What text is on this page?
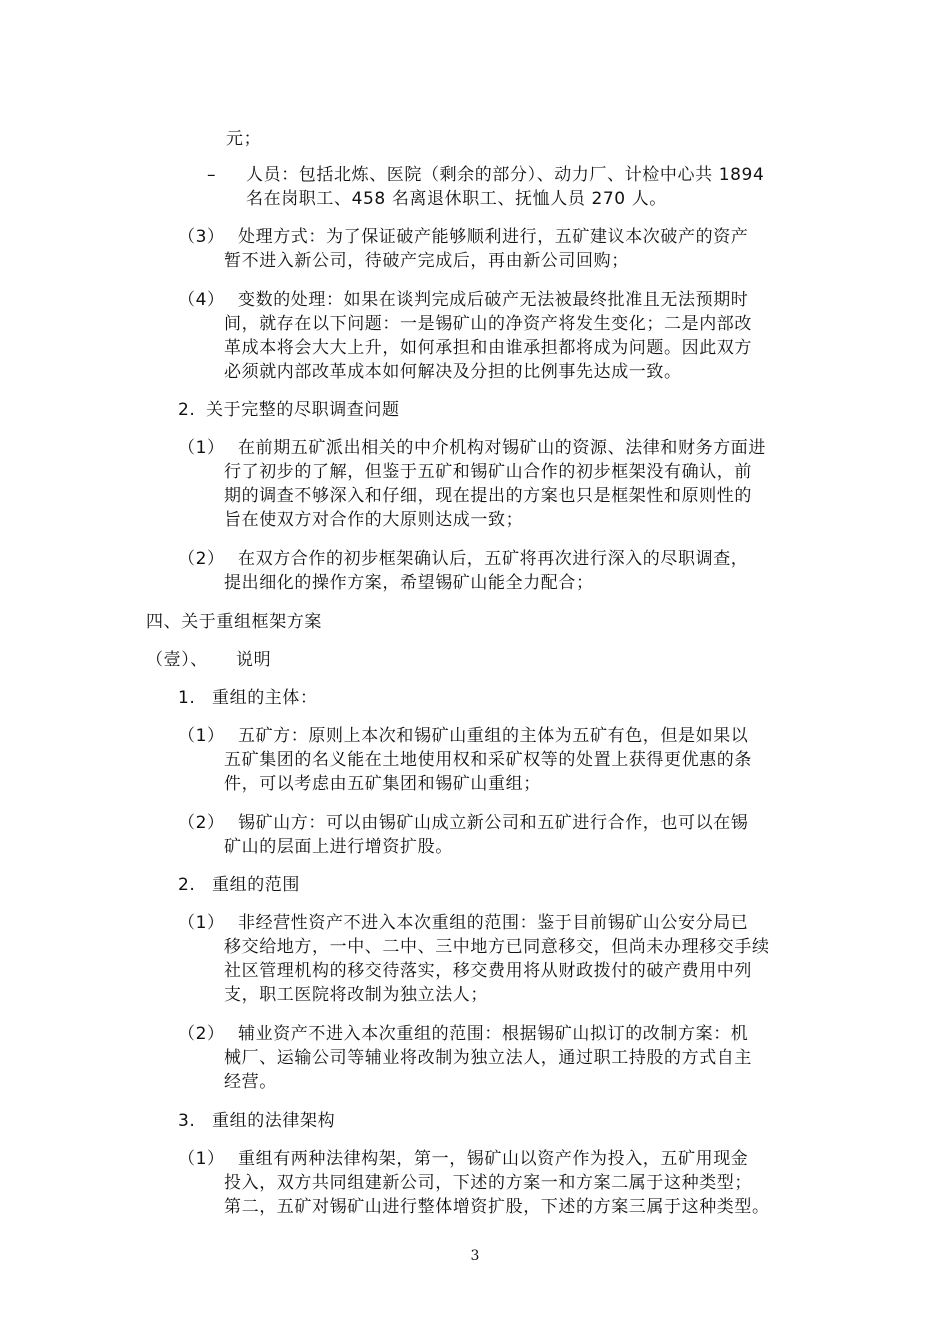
元；
– 人员：包括北炼、医院（剩余的部分）、动力厂、计检中心共 1894
名在岗职工、458 名离退休职工、抚恤人员 270 人。
（3） 处理方式：为了保证破产能够顺利进行，五矿建议本次破产的资产
暂不进入新公司，待破产完成后，再由新公司回购；
（4） 变数的处理：如果在谈判完成后破产无法被最终批准且无法预期时
间，就存在以下问题：一是锡矿山的净资产将发生变化；二是内部改
革成本将会大大上升，如何承担和由谁承担都将成为问题。因此双方
必须就内部改革成本如何解决及分担的比例事先达成一致。
2. 关于完整的尽职调查问题
（1） 在前期五矿派出相关的中介机构对锡矿山的资源、法律和财务方面进
行了初步的了解，但鉴于五矿和锡矿山合作的初步框架没有确认，前
期的调查不够深入和仔细，现在提出的方案也只是框架性和原则性的
旨在使双方对合作的大原则达成一致；
（2） 在双方合作的初步框架确认后，五矿将再次进行深入的尽职调查，
提出细化的操作方案，希望锡矿山能全力配合；
四、关于重组框架方案
（壹）、 说明
1. 重组的主体：
（1） 五矿方：原则上本次和锡矿山重组的主体为五矿有色，但是如果以
五矿集团的名义能在土地使用权和采矿权等的处置上获得更优惠的条
件，可以考虑由五矿集团和锡矿山重组；
（2） 锡矿山方：可以由锡矿山成立新公司和五矿进行合作，也可以在锡
矿山的层面上进行增资扩股。
2. 重组的范围
（1） 非经营性资产不进入本次重组的范围：鉴于目前锡矿山公安分局已
移交给地方，一中、二中、三中地方已同意移交，但尚未办理移交手续
社区管理机构的移交待落实，移交费用将从财政拨付的破产费用中列
支，职工医院将改制为独立法人；
（2） 辅业资产不进入本次重组的范围：根据锡矿山拟订的改制方案：机
械厂、运输公司等辅业将改制为独立法人，通过职工持股的方式自主
经营。
3. 重组的法律架构
（1） 重组有两种法律构架，第一，锡矿山以资产作为投入，五矿用现金
投入，双方共同组建新公司，下述的方案一和方案二属于这种类型；
第二，五矿对锡矿山进行整体增资扩股，下述的方案三属于这种类型。
3
